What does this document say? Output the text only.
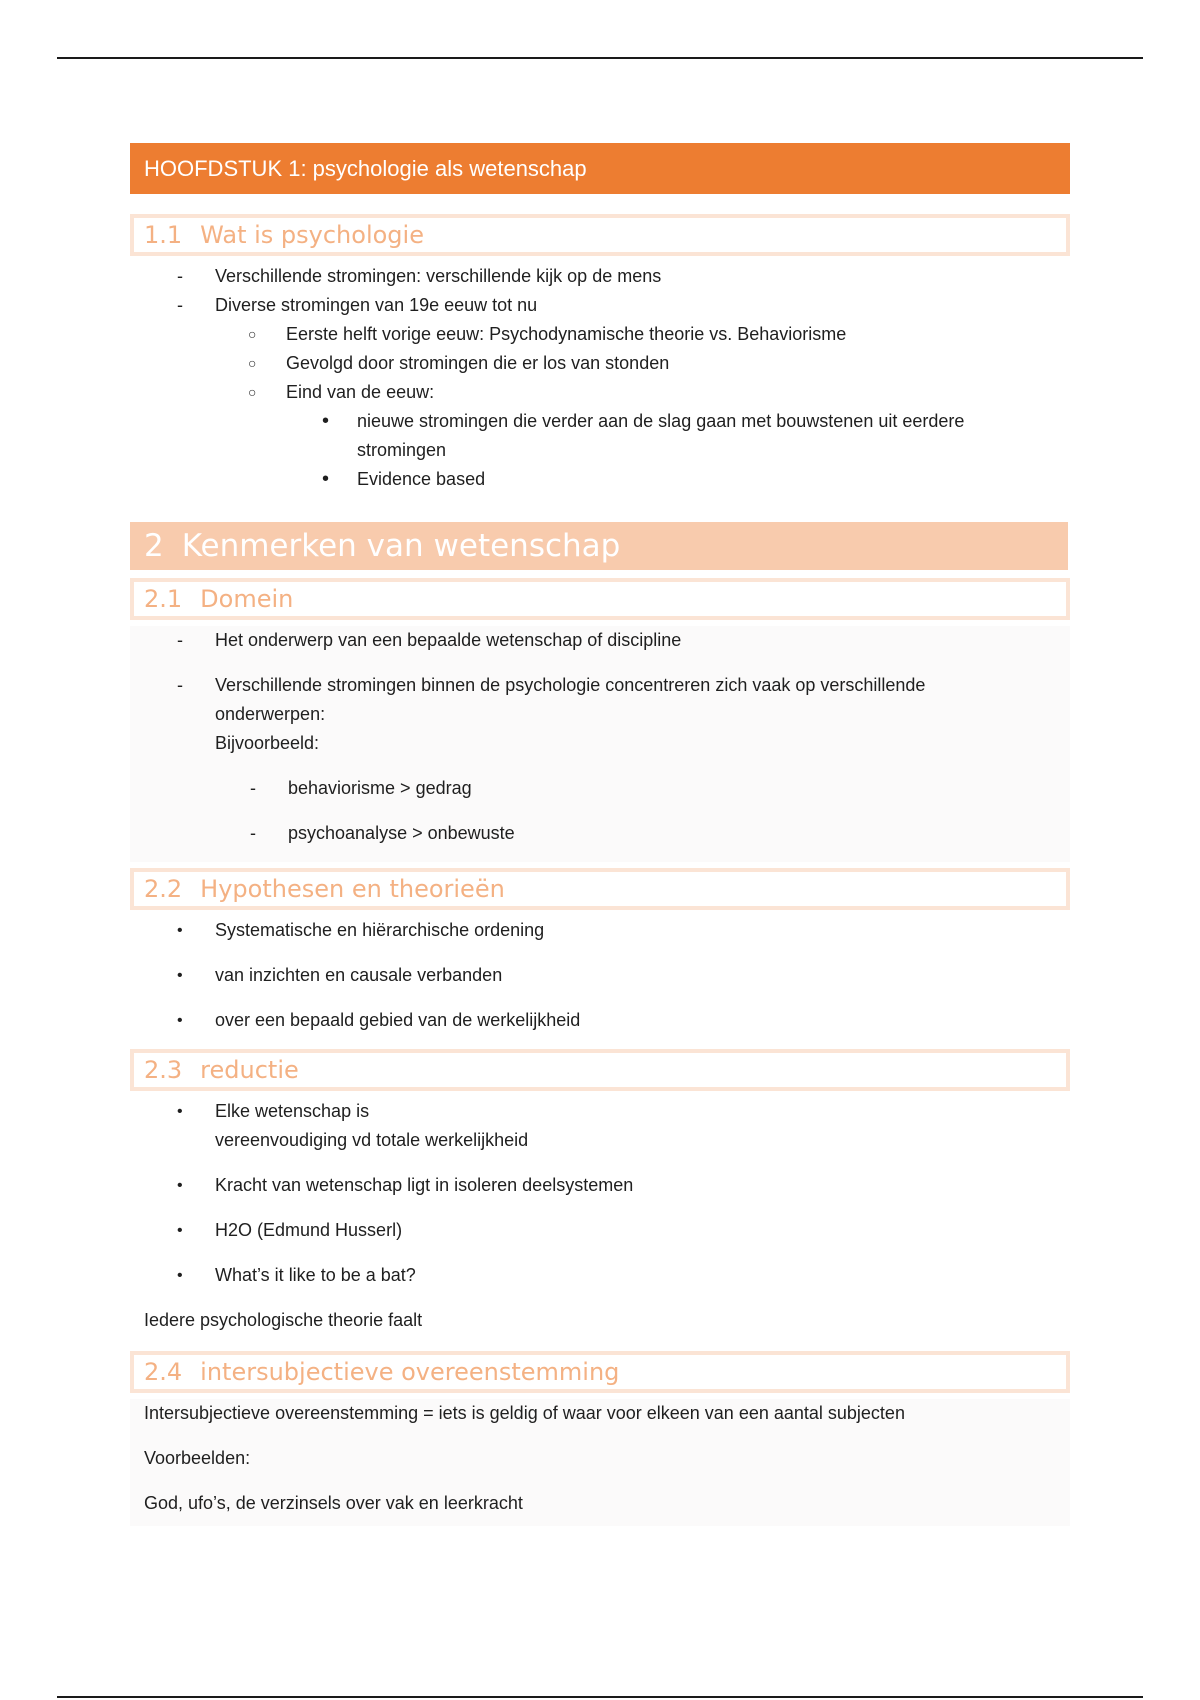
HOOFDSTUK 1: psychologie als wetenschap
1.1 Wat is psychologie
-
Verschillende stromingen: verschillende kijk op de mens
-
Diverse stromingen van 19e eeuw tot nu
○ Eerste helft vorige eeuw: Psychodynamische theorie vs. Behaviorisme
○ Gevolgd door stromingen die er los van stonden
○ Eind van de eeuw:
• nieuwe stromingen die verder aan de slag gaan met bouwstenen uit eerdere
stromingen
• Evidence based
2 Kenmerken van wetenschap
2.1 Domein
-
Het onderwerp van een bepaalde wetenschap of discipline
-
Verschillende stromingen binnen de psychologie concentreren zich vaak op verschillende
onderwerpen:
Bijvoorbeeld:
-
behaviorisme > gedrag
-
psychoanalyse > onbewuste
2.2 Hypothesen en theorieën
• Systematische en hiërarchische ordening
• van inzichten en causale verbanden
• over een bepaald gebied van de werkelijkheid
2.3 reductie
• Elke wetenschap is
vereenvoudiging vd totale werkelijkheid
• Kracht van wetenschap ligt in isoleren deelsystemen
• H2O (Edmund Husserl)
• What’s it like to be a bat?
Iedere psychologische theorie faalt
2.4 intersubjectieve overeenstemming
Intersubjectieve overeenstemming = iets is geldig of waar voor elkeen van een aantal subjecten
Voorbeelden:
God, ufo’s, de verzinsels over vak en leerkracht
